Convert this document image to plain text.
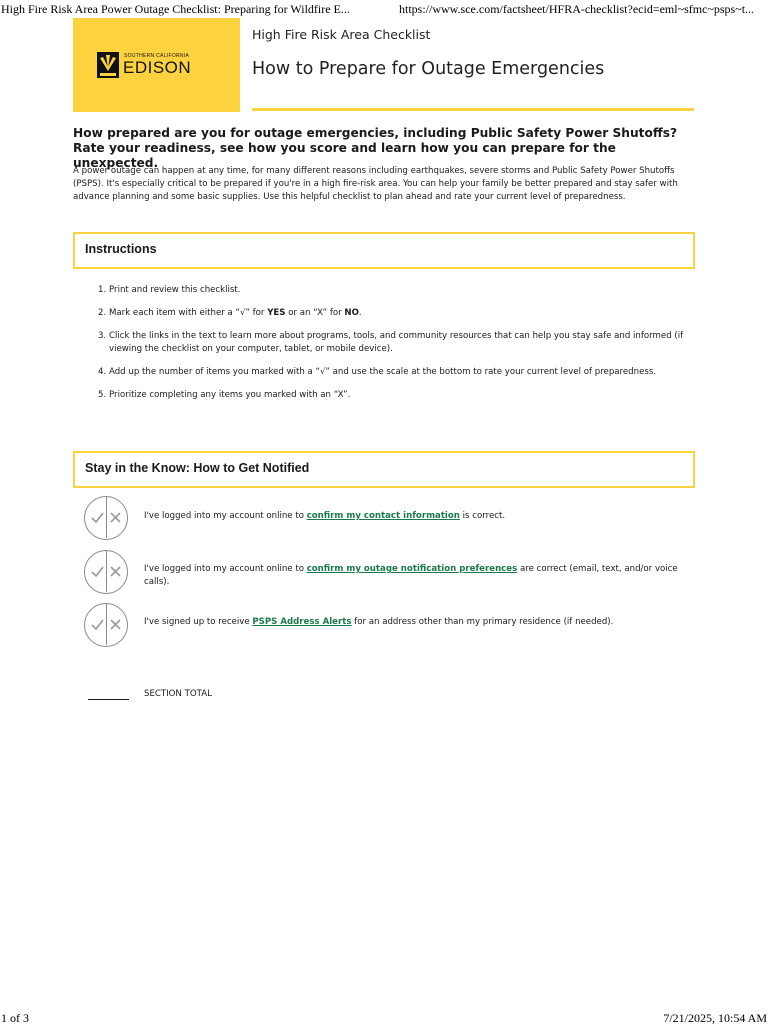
High Fire Risk Area Power Outage Checklist: Preparing for Wildfire E...	https://www.sce.com/factsheet/HFRA-checklist?ecid=eml~sfmc~psps~t...
SOUTHERN CALIFORNIA
EDISON
High Fire Risk Area Checklist
How to Prepare for Outage Emergencies
How prepared are you for outage emergencies, including Public Safety Power Shutoffs? Rate your readiness, see how you score and learn how you can prepare for the unexpected.
A power outage can happen at any time, for many different reasons including earthquakes, severe storms and Public Safety Power Shutoffs (PSPS). It's especially critical to be prepared if you're in a high fire-risk area. You can help your family be better prepared and stay safer with advance planning and some basic supplies. Use this helpful checklist to plan ahead and rate your current level of preparedness.
Instructions
1. Print and review this checklist.
2. Mark each item with either a “√” for YES or an “X” for NO.
3. Click the links in the text to learn more about programs, tools, and community resources that can help you stay safe and informed (if viewing the checklist on your computer, tablet, or mobile device).
4. Add up the number of items you marked with a “√” and use the scale at the bottom to rate your current level of preparedness.
5. Prioritize completing any items you marked with an “X”.
Stay in the Know: How to Get Notified
I've logged into my account online to confirm my contact information is correct.
I've logged into my account online to confirm my outage notification preferences are correct (email, text, and/or voice calls).
I've signed up to receive PSPS Address Alerts for an address other than my primary residence (if needed).
SECTION TOTAL
1 of 3	7/21/2025, 10:54 AM
